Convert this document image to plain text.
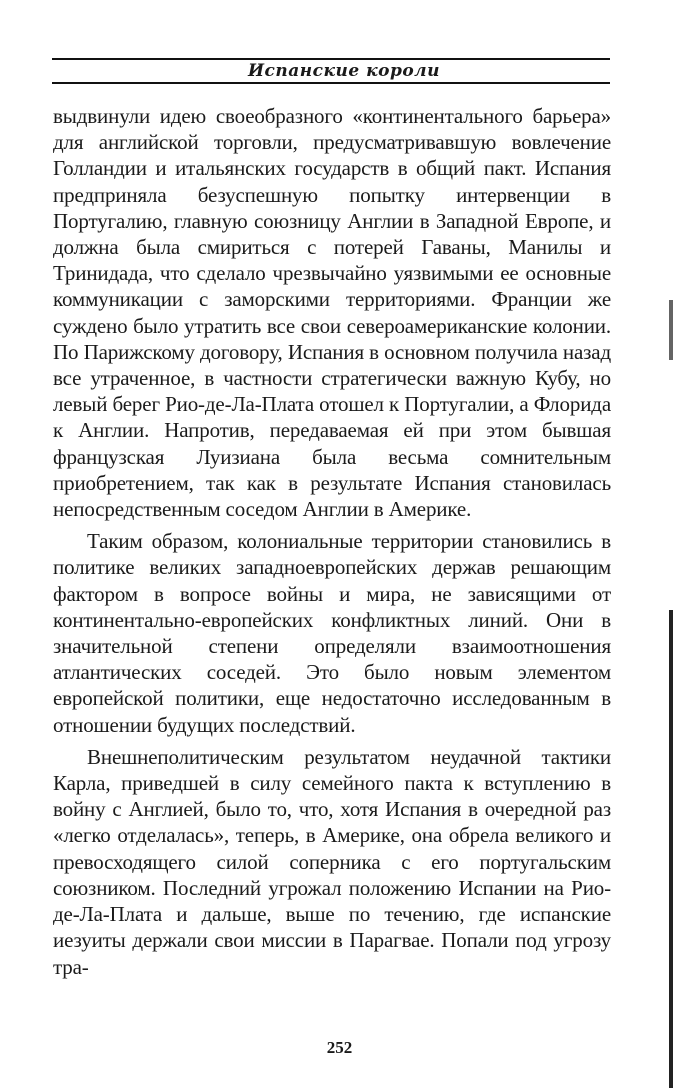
Испанские короли

выдвинули идею своеобразного «континентального барьера» для английской торговли, предусматривавшую вовлечение Голландии и итальянских государств в общий пакт. Испания предприняла безуспешную попытку интервенции в Португалию, главную союзницу Англии в Западной Европе, и должна была смириться с потерей Гаваны, Манилы и Тринидада, что сделало чрезвычайно уязвимыми ее основные коммуникации с заморскими территориями. Франции же суждено было утратить все свои североамериканские колонии. По Парижскому договору, Испания в основном получила назад все утраченное, в частности стратегически важную Кубу, но левый берег Рио-де-Ла-Плата отошел к Португалии, а Флорида к Англии. Напротив, передаваемая ей при этом бывшая французская Луизиана была весьма сомнительным приобретением, так как в результате Испания становилась непосредственным соседом Англии в Америке.

Таким образом, колониальные территории становились в политике великих западноевропейских держав решающим фактором в вопросе войны и мира, не зависящими от континентально-европейских конфликтных линий. Они в значительной степени определяли взаимоотношения атлантических соседей. Это было новым элементом европейской политики, еще недостаточно исследованным в отношении будущих последствий.

Внешнеполитическим результатом неудачной тактики Карла, приведшей в силу семейного пакта к вступлению в войну с Англией, было то, что, хотя Испания в очередной раз «легко отделалась», теперь, в Америке, она обрела великого и превосходящего силой соперника с его португальским союзником. Последний угрожал положению Испании на Рио-де-Ла-Плата и дальше, выше по течению, где испанские иезуиты держали свои миссии в Парагвае. Попали под угрозу тра-

252
